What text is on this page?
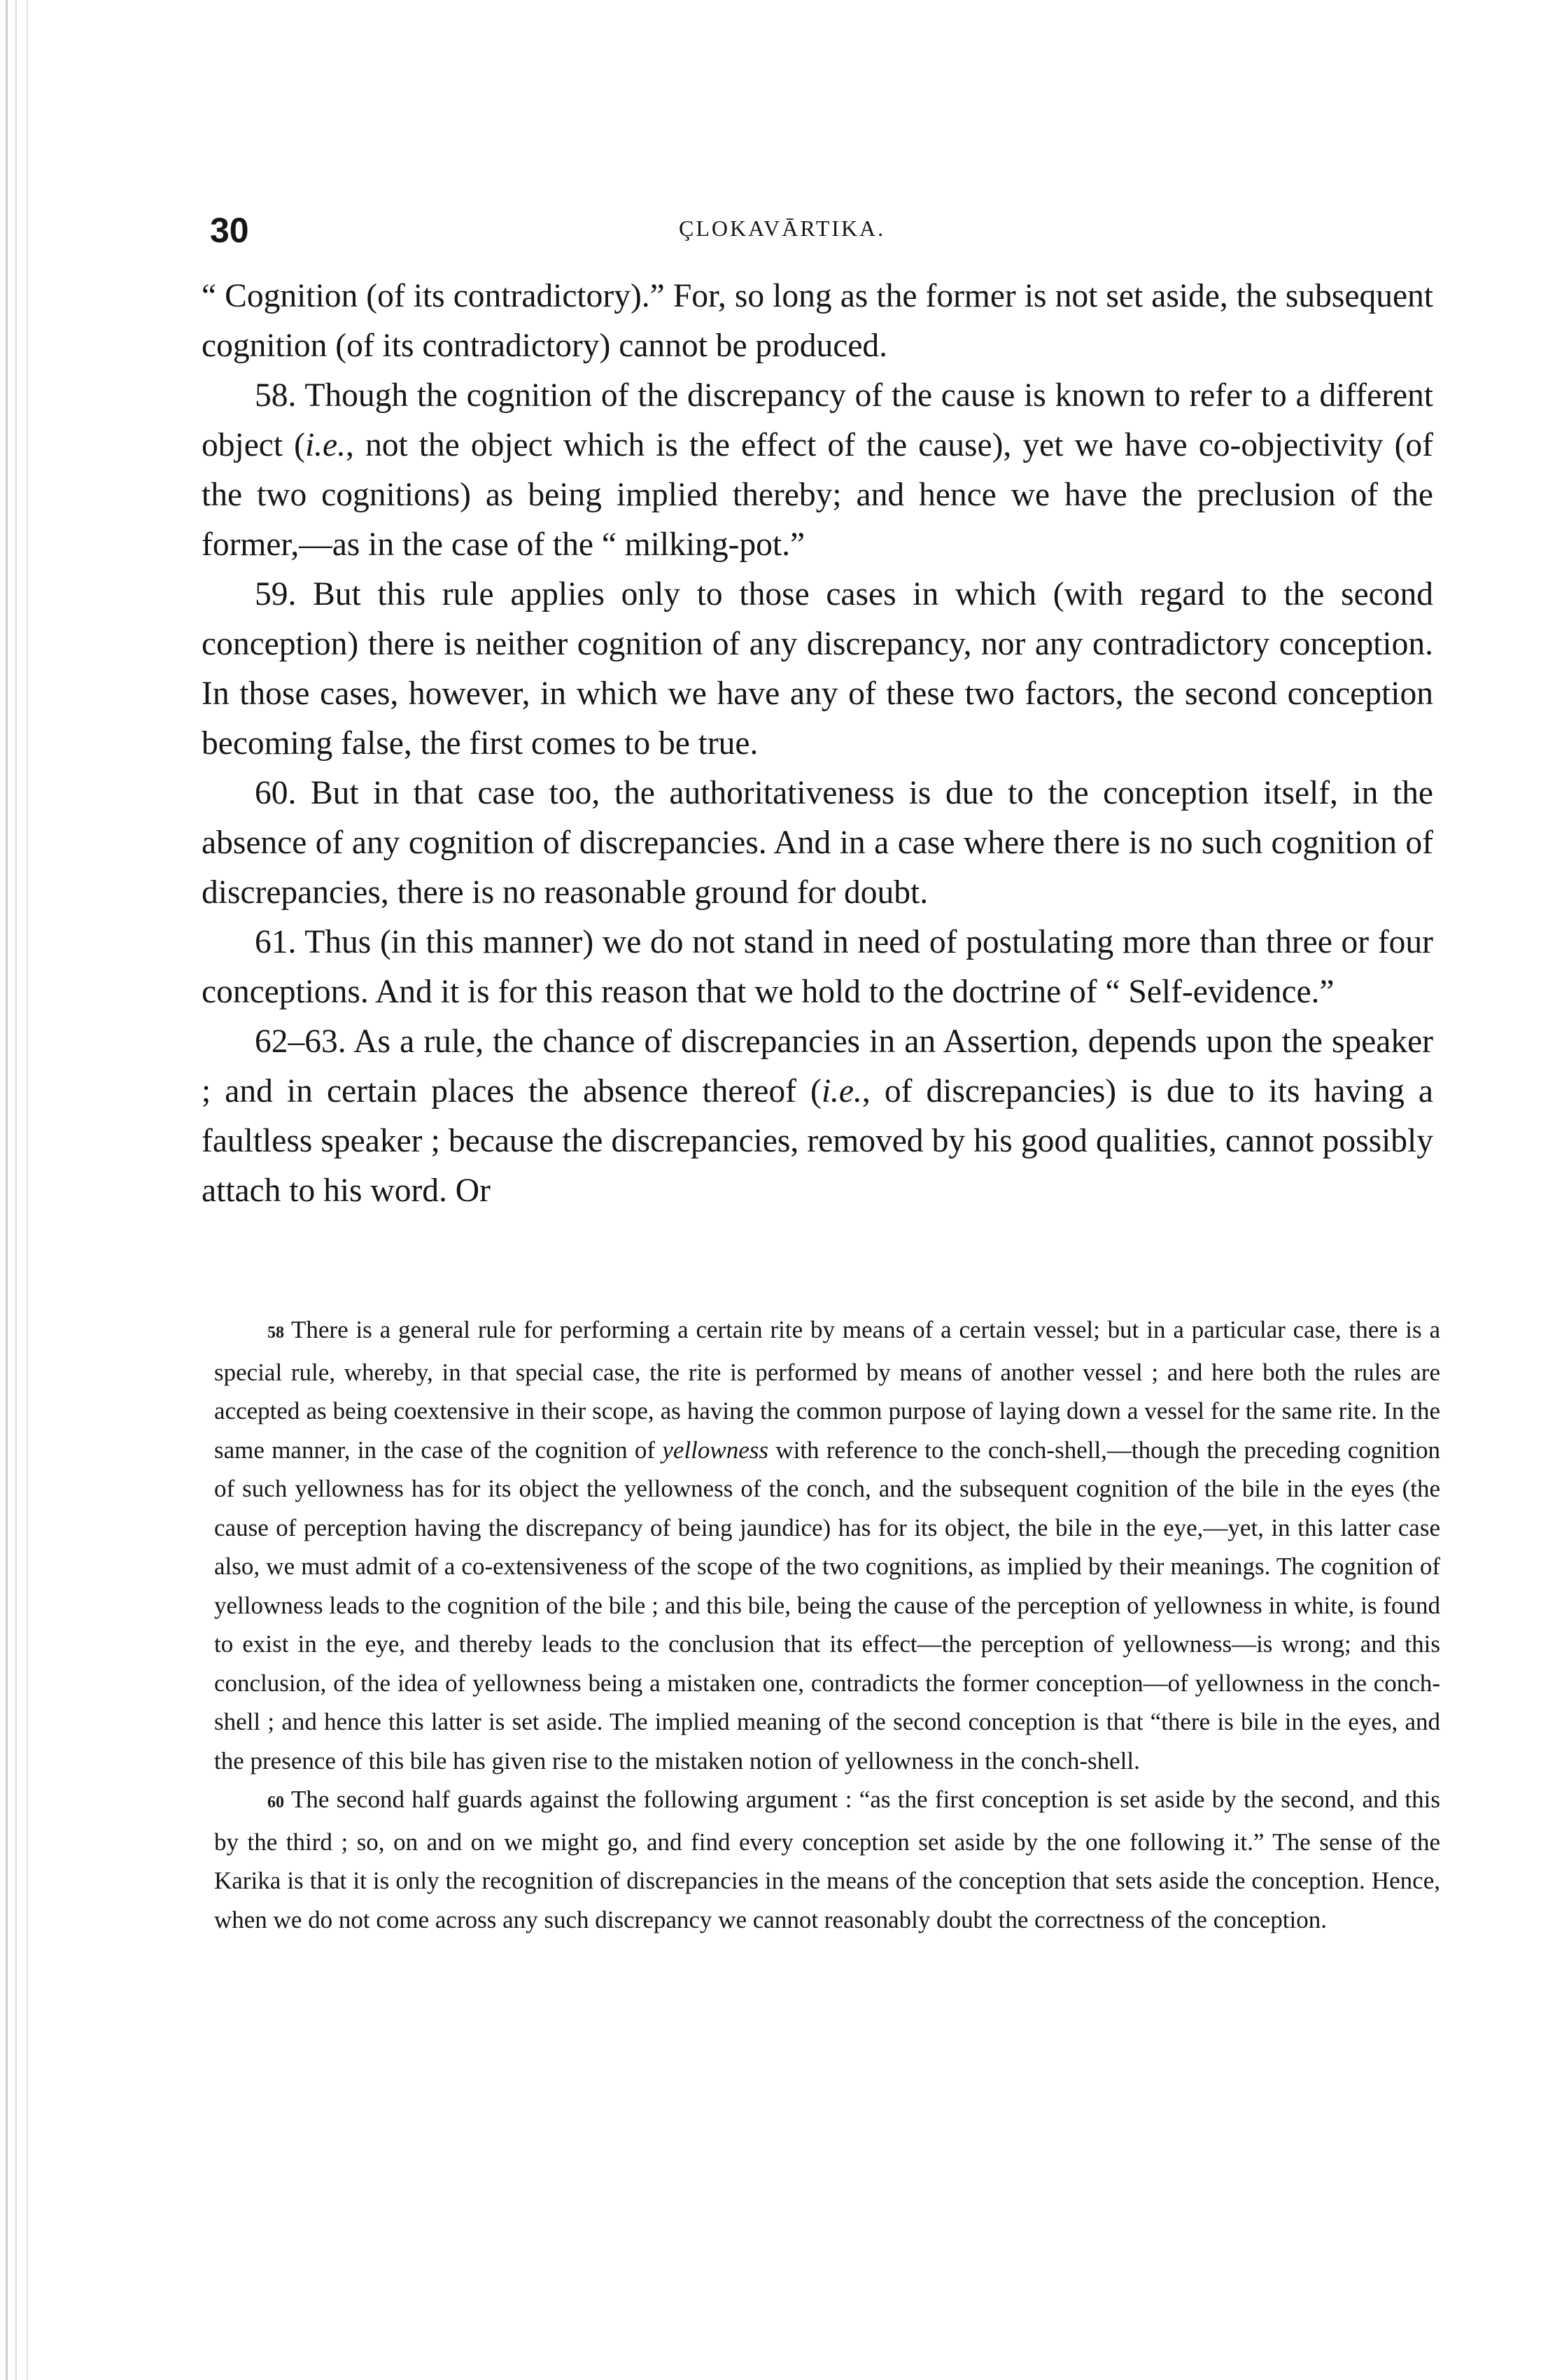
30	ÇLOKAVĀRTIKA.

“ Cognition (of its contradictory).” For, so long as the former is not set aside, the subsequent cognition (of its contradictory) cannot be produced.

58. Though the cognition of the discrepancy of the cause is known to refer to a different object (i.e., not the object which is the effect of the cause), yet we have co-objectivity (of the two cognitions) as being implied thereby; and hence we have the preclusion of the former,—as in the case of the “ milking-pot.”

59. But this rule applies only to those cases in which (with regard to the second conception) there is neither cognition of any discrepancy, nor any contradictory conception. In those cases, however, in which we have any of these two factors, the second conception becoming false, the first comes to be true.

60. But in that case too, the authoritativeness is due to the conception itself, in the absence of any cognition of discrepancies. And in a case where there is no such cognition of discrepancies, there is no reasonable ground for doubt.

61. Thus (in this manner) we do not stand in need of postulating more than three or four conceptions. And it is for this reason that we hold to the doctrine of “ Self-evidence.”

62–63. As a rule, the chance of discrepancies in an Assertion, depends upon the speaker ; and in certain places the absence thereof (i.e., of discrepancies) is due to its having a faultless speaker ; because the discrepancies, removed by his good qualities, cannot possibly attach to his word. Or

58 There is a general rule for performing a certain rite by means of a certain vessel; but in a particular case, there is a special rule, whereby, in that special case, the rite is performed by means of another vessel ; and here both the rules are accepted as being coextensive in their scope, as having the common purpose of laying down a vessel for the same rite. In the same manner, in the case of the cognition of yellowness with reference to the conch-shell,—though the preceding cognition of such yellowness has for its object the yellowness of the conch, and the subsequent cognition of the bile in the eyes (the cause of perception having the discrepancy of being jaundice) has for its object, the bile in the eye,—yet, in this latter case also, we must admit of a co-extensiveness of the scope of the two cognitions, as implied by their meanings. The cognition of yellowness leads to the cognition of the bile ; and this bile, being the cause of the perception of yellowness in white, is found to exist in the eye, and thereby leads to the conclusion that its effect—the perception of yellowness—is wrong; and this conclusion, of the idea of yellowness being a mistaken one, contradicts the former conception—of yellowness in the conch-shell ; and hence this latter is set aside. The implied meaning of the second conception is that “there is bile in the eyes, and the presence of this bile has given rise to the mistaken notion of yellowness in the conch-shell.

60 The second half guards against the following argument : “as the first conception is set aside by the second, and this by the third ; so, on and on we might go, and find every conception set aside by the one following it.” The sense of the Karika is that it is only the recognition of discrepancies in the means of the conception that sets aside the conception. Hence, when we do not come across any such discrepancy we cannot reasonably doubt the correctness of the conception.
